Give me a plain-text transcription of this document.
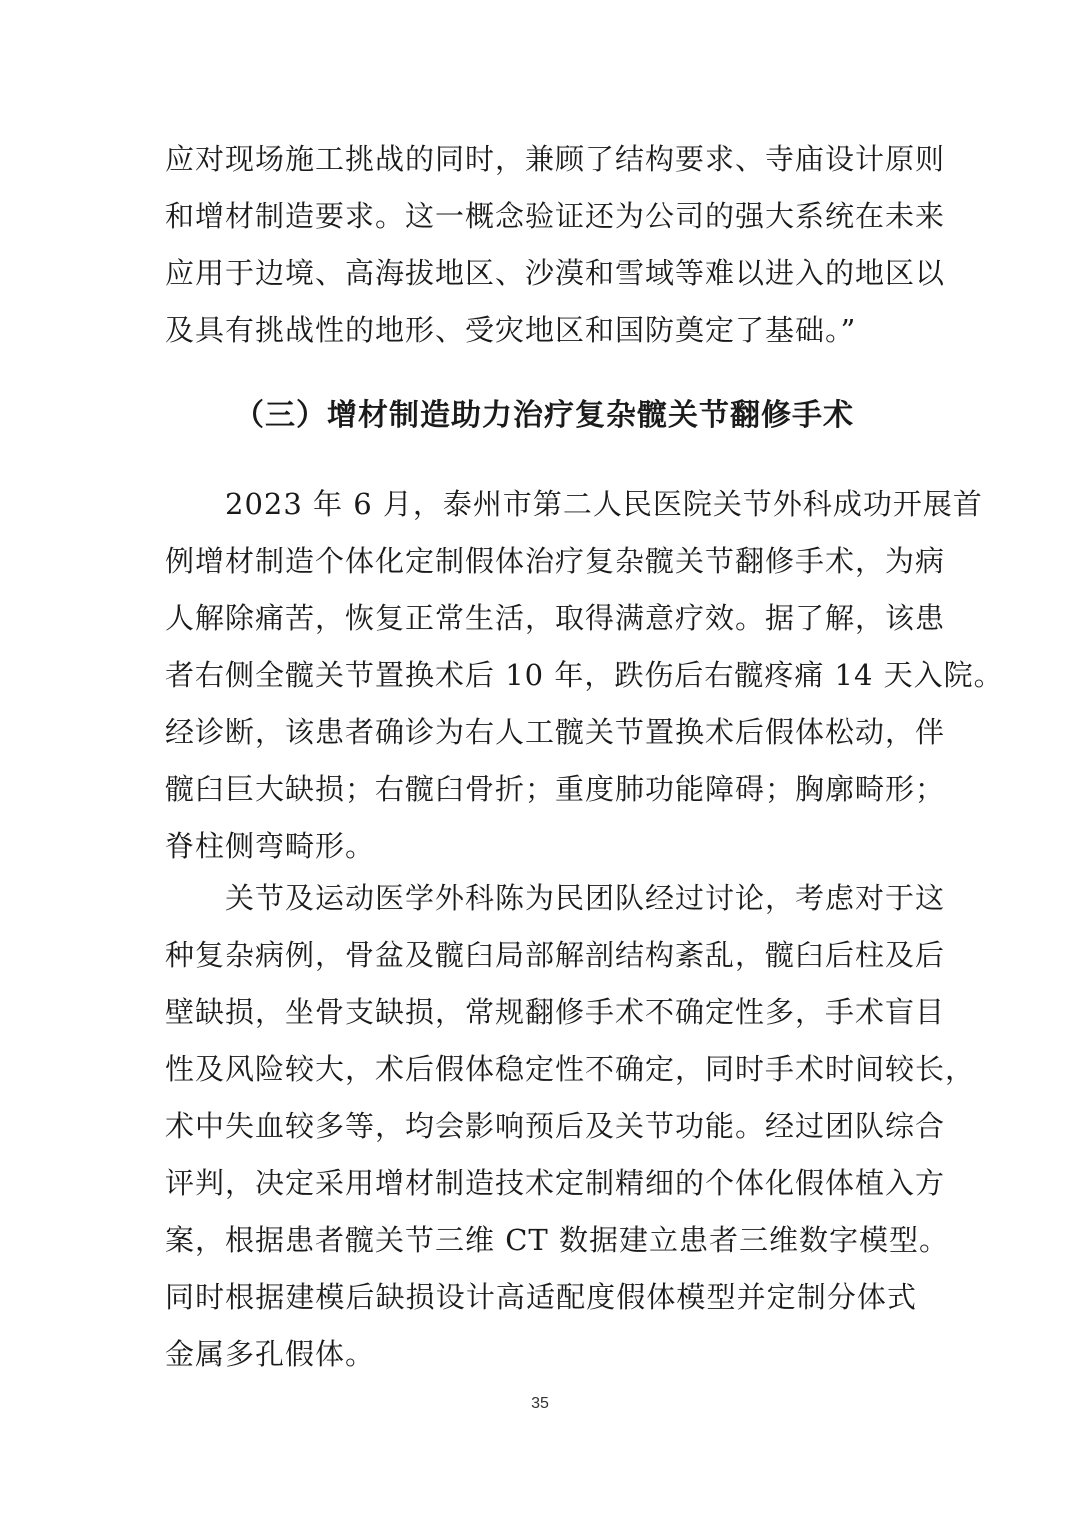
应对现场施工挑战的同时，兼顾了结构要求、寺庙设计原则
和增材制造要求。这一概念验证还为公司的强大系统在未来
应用于边境、高海拔地区、沙漠和雪域等难以进入的地区以
及具有挑战性的地形、受灾地区和国防奠定了基础。”
（三）增材制造助力治疗复杂髋关节翻修手术
2023 年 6 月，泰州市第二人民医院关节外科成功开展首
例增材制造个体化定制假体治疗复杂髋关节翻修手术，为病
人解除痛苦，恢复正常生活，取得满意疗效。据了解，该患
者右侧全髋关节置换术后 10 年，跌伤后右髋疼痛 14 天入院。
经诊断，该患者确诊为右人工髋关节置换术后假体松动，伴
髋臼巨大缺损；右髋臼骨折；重度肺功能障碍；胸廓畸形；
脊柱侧弯畸形。
关节及运动医学外科陈为民团队经过讨论，考虑对于这
种复杂病例，骨盆及髋臼局部解剖结构紊乱，髋臼后柱及后
壁缺损，坐骨支缺损，常规翻修手术不确定性多，手术盲目
性及风险较大，术后假体稳定性不确定，同时手术时间较长，
术中失血较多等，均会影响预后及关节功能。经过团队综合
评判，决定采用增材制造技术定制精细的个体化假体植入方
案，根据患者髋关节三维 CT 数据建立患者三维数字模型。
同时根据建模后缺损设计高适配度假体模型并定制分体式
金属多孔假体。
35
